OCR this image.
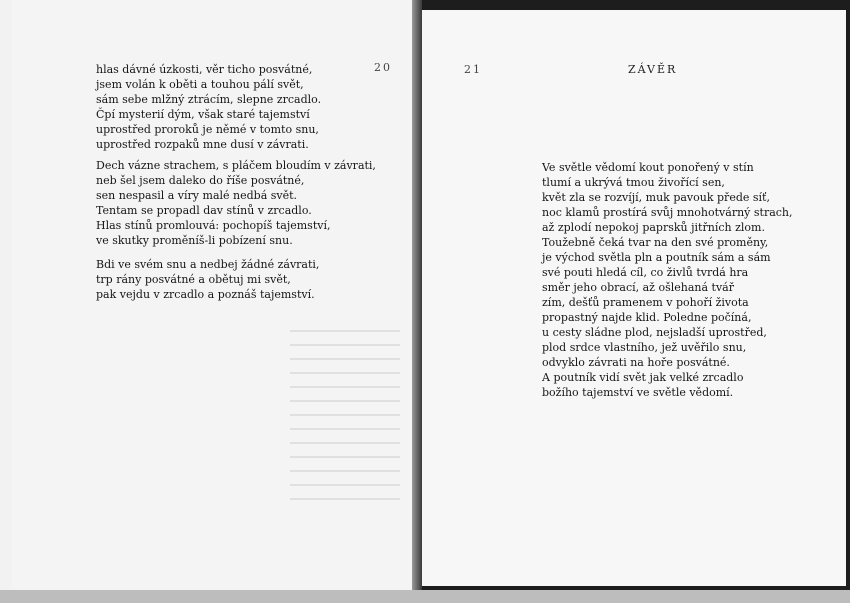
20

hlas dávné úzkosti, věr ticho posvátné,
jsem volán k oběti a touhou pálí svět,
sám sebe mlžný ztrácím, slepne zrcadlo.
Čpí mysterií dým, však staré tajemství
uprostřed proroků je němé v tomto snu,
uprostřed rozpaků mne dusí v závrati.

Dech vázne strachem, s pláčem bloudím v závrati,
neb šel jsem daleko do říše posvátné,
sen nespasil a víry malé nedbá svět.
Tentam se propadl dav stínů v zrcadlo.
Hlas stínů promlouvá: pochopíš tajemství,
ve skutky proměníš-li pobízení snu.

Bdi ve svém snu a nedbej žádné závrati,
trp rány posvátné a obětuj mi svět,
pak vejdu v zrcadlo a poznáš tajemství.

21	ZÁVĚR

Ve světle vědomí kout ponořený v stín
tlumí a ukrývá tmou živořící sen,
květ zla se rozvíjí, muk pavouk přede síť,
noc klamů prostírá svůj mnohotvárný strach,
až zplodí nepokoj paprsků jitřních zlom.
Toužebně čeká tvar na den své proměny,
je východ světla pln a poutník sám a sám
své pouti hledá cíl, co živlů tvrdá hra
směr jeho obrací, až ošlehaná tvář
zím, dešťů pramenem v pohoří života
propastný najde klid. Poledne počíná,
u cesty sládne plod, nejsladší uprostřed,
plod srdce vlastního, jež uvěřilo snu,
odvyklo závrati na hoře posvátné.
A poutník vidí svět jak velké zrcadlo
božího tajemství ve světle vědomí.
